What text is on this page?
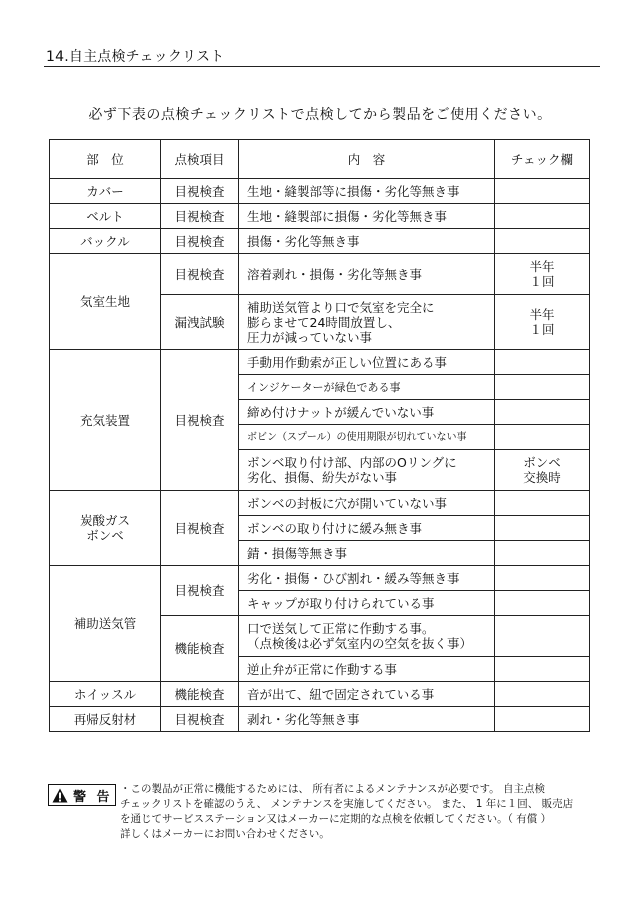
14.自主点検チェックリスト
必ず下表の点検チェックリストで点検してから製品をご使用ください。
部　位	点検項目	内　容	チェック欄
カバー	目視検査	生地・縫製部等に損傷・劣化等無き事	
ベルト	目視検査	生地・縫製部に損傷・劣化等無き事	
バックル	目視検査	損傷・劣化等無き事	
気室生地	目視検査	溶着剥れ・損傷・劣化等無き事	半年
１回
	漏洩試験	補助送気管より口で気室を完全に
膨らませて24時間放置し、
圧力が減っていない事	半年
１回
充気装置	目視検査	手動用作動索が正しい位置にある事	
		インジケーターが緑色である事	
		締め付けナットが緩んでいない事	
		ボビン（スプール）の使用期限が切れていない事	
		ボンベ取り付け部、内部のOリングに
劣化、損傷、紛失がない事	ボンベ
交換時
炭酸ガス
ボンベ	目視検査	ボンベの封板に穴が開いていない事	
		ボンベの取り付けに緩み無き事	
		錆・損傷等無き事	
補助送気管	目視検査	劣化・損傷・ひび割れ・緩み等無き事	
		キャップが取り付けられている事	
	機能検査	口で送気して正常に作動する事。
（点検後は必ず気室内の空気を抜く事）	
		逆止弁が正常に作動する事	
ホイッスル	機能検査	音が出て、紐で固定されている事	
再帰反射材	目視検査	剥れ・劣化等無き事	
警 告
・この製品が正常に機能するためには、 所有者によるメンテナンスが必要です。 自主点検
チェックリストを確認のうえ、 メンテナンスを実施してください。 また、 1 年に１回、 販売店
を通じてサービスステーション又はメーカーに定期的な点検を依頼してください。（ 有償 ）
詳しくはメーカーにお問い合わせください。
